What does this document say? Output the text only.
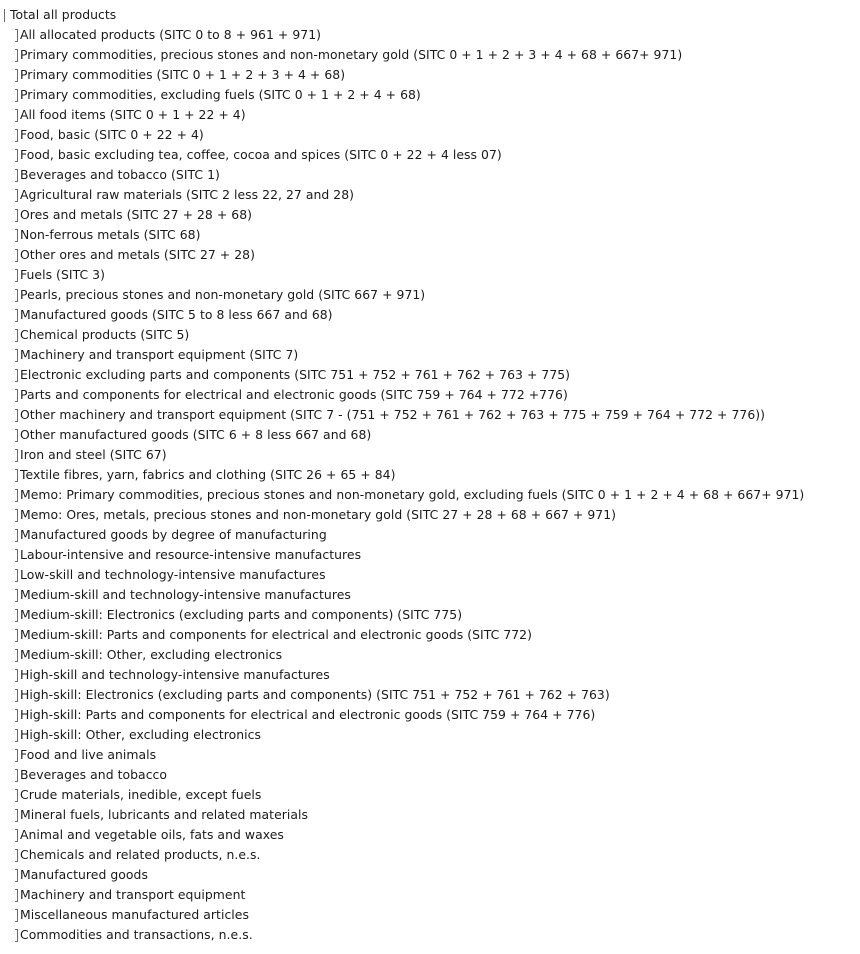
Total all products
All allocated products (SITC 0 to 8 + 961 + 971)
Primary commodities, precious stones and non-monetary gold (SITC 0 + 1 + 2 + 3 + 4 + 68 + 667+ 971)
Primary commodities (SITC 0 + 1 + 2 + 3 + 4 + 68)
Primary commodities, excluding fuels (SITC 0 + 1 + 2 + 4 + 68)
All food items (SITC 0 + 1 + 22 + 4)
Food, basic (SITC 0 + 22 + 4)
Food, basic excluding tea, coffee, cocoa and spices (SITC 0 + 22 + 4 less 07)
Beverages and tobacco (SITC 1)
Agricultural raw materials (SITC 2 less 22, 27 and 28)
Ores and metals (SITC 27 + 28 + 68)
Non-ferrous metals (SITC 68)
Other ores and metals (SITC 27 + 28)
Fuels (SITC 3)
Pearls, precious stones and non-monetary gold (SITC 667 + 971)
Manufactured goods (SITC 5 to 8 less 667 and 68)
Chemical products (SITC 5)
Machinery and transport equipment (SITC 7)
Electronic excluding parts and components (SITC 751 + 752 + 761 + 762 + 763 + 775)
Parts and components for electrical and electronic goods (SITC 759 + 764 + 772 +776)
Other machinery and transport equipment (SITC 7 - (751 + 752 + 761 + 762 + 763 + 775 + 759 + 764 + 772 + 776))
Other manufactured goods (SITC 6 + 8 less 667 and 68)
Iron and steel (SITC 67)
Textile fibres, yarn, fabrics and clothing (SITC 26 + 65 + 84)
Memo: Primary commodities, precious stones and non-monetary gold, excluding fuels (SITC 0 + 1 + 2 + 4 + 68 + 667+ 971)
Memo: Ores, metals, precious stones and non-monetary gold (SITC 27 + 28 + 68 + 667 + 971)
Manufactured goods by degree of manufacturing
Labour-intensive and resource-intensive manufactures
Low-skill and technology-intensive manufactures
Medium-skill and technology-intensive manufactures
Medium-skill: Electronics (excluding parts and components) (SITC 775)
Medium-skill: Parts and components for electrical and electronic goods (SITC 772)
Medium-skill: Other, excluding electronics
High-skill and technology-intensive manufactures
High-skill: Electronics (excluding parts and components) (SITC 751 + 752 + 761 + 762 + 763)
High-skill: Parts and components for electrical and electronic goods (SITC 759 + 764 + 776)
High-skill: Other, excluding electronics
Food and live animals
Beverages and tobacco
Crude materials, inedible, except fuels
Mineral fuels, lubricants and related materials
Animal and vegetable oils, fats and waxes
Chemicals and related products, n.e.s.
Manufactured goods
Machinery and transport equipment
Miscellaneous manufactured articles
Commodities and transactions, n.e.s.
